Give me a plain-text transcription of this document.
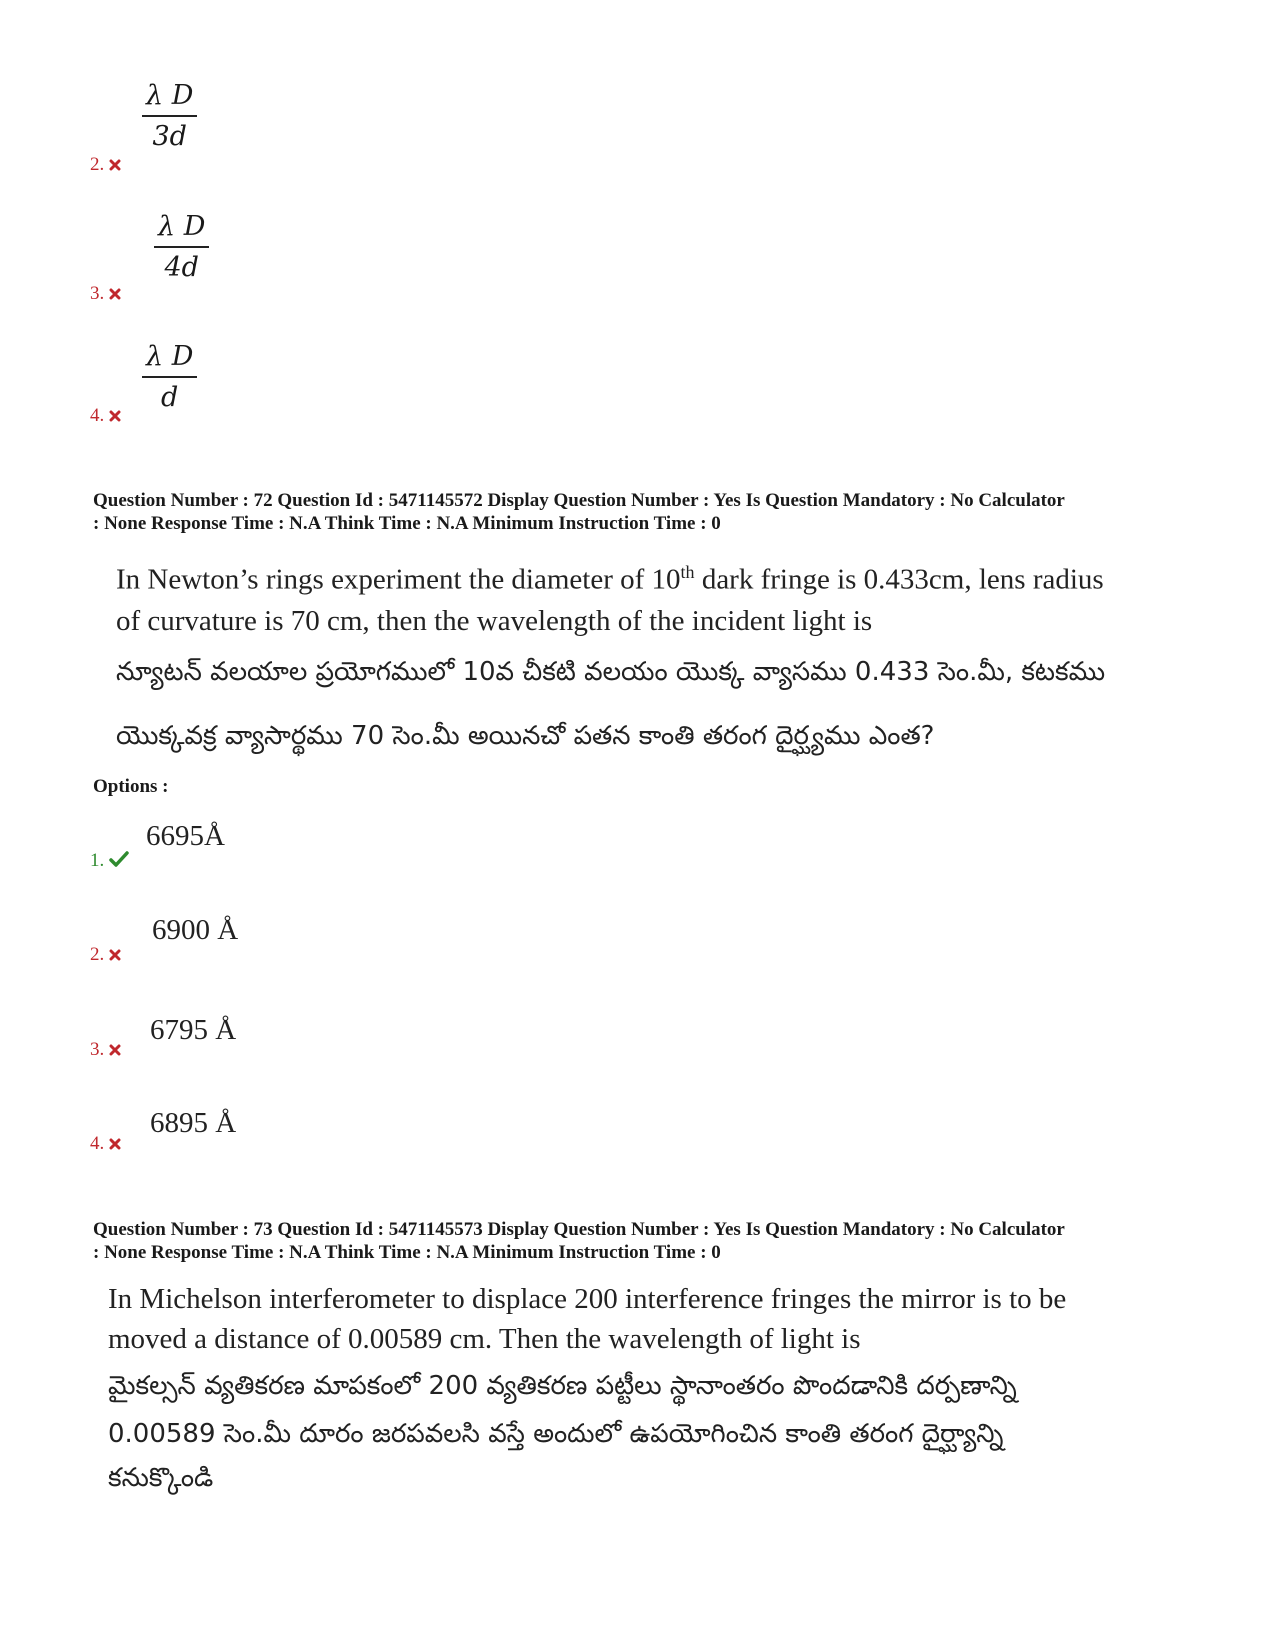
λ D
3d
2.
λ D
4d
3.
λ D
d
4.
Question Number : 72 Question Id : 5471145572 Display Question Number : Yes Is Question Mandatory : No Calculator
: None Response Time : N.A Think Time : N.A Minimum Instruction Time : 0
In Newton’s rings experiment the diameter of 10th dark fringe is 0.433cm, lens radius
of curvature is 70 cm, then the wavelength of the incident light is
న్యూటన్ వలయాల ప్రయోగములో 10వ చీకటి వలయం యొక్క వ్యాసము 0.433 సెం.మీ, కటకము
యొక్కవక్ర వ్యాసార్థము 70 సెం.మీ అయినచో పతన కాంతి తరంగ దైర్ఘ్యము ఎంత?
Options :
6695Å
1.
6900 Å
2.
6795 Å
3.
6895 Å
4.
Question Number : 73 Question Id : 5471145573 Display Question Number : Yes Is Question Mandatory : No Calculator
: None Response Time : N.A Think Time : N.A Minimum Instruction Time : 0
In Michelson interferometer to displace 200 interference fringes the mirror is to be
moved a distance of 0.00589 cm. Then the wavelength of light is
మైకల్సన్ వ్యతికరణ మాపకంలో 200 వ్యతికరణ పట్టీలు స్థానాంతరం పొందడానికి దర్పణాన్ని
0.00589 సెం.మీ దూరం జరపవలసి వస్తే అందులో ఉపయోగించిన కాంతి తరంగ దైర్ఘ్యాన్ని
కనుక్కొండి
